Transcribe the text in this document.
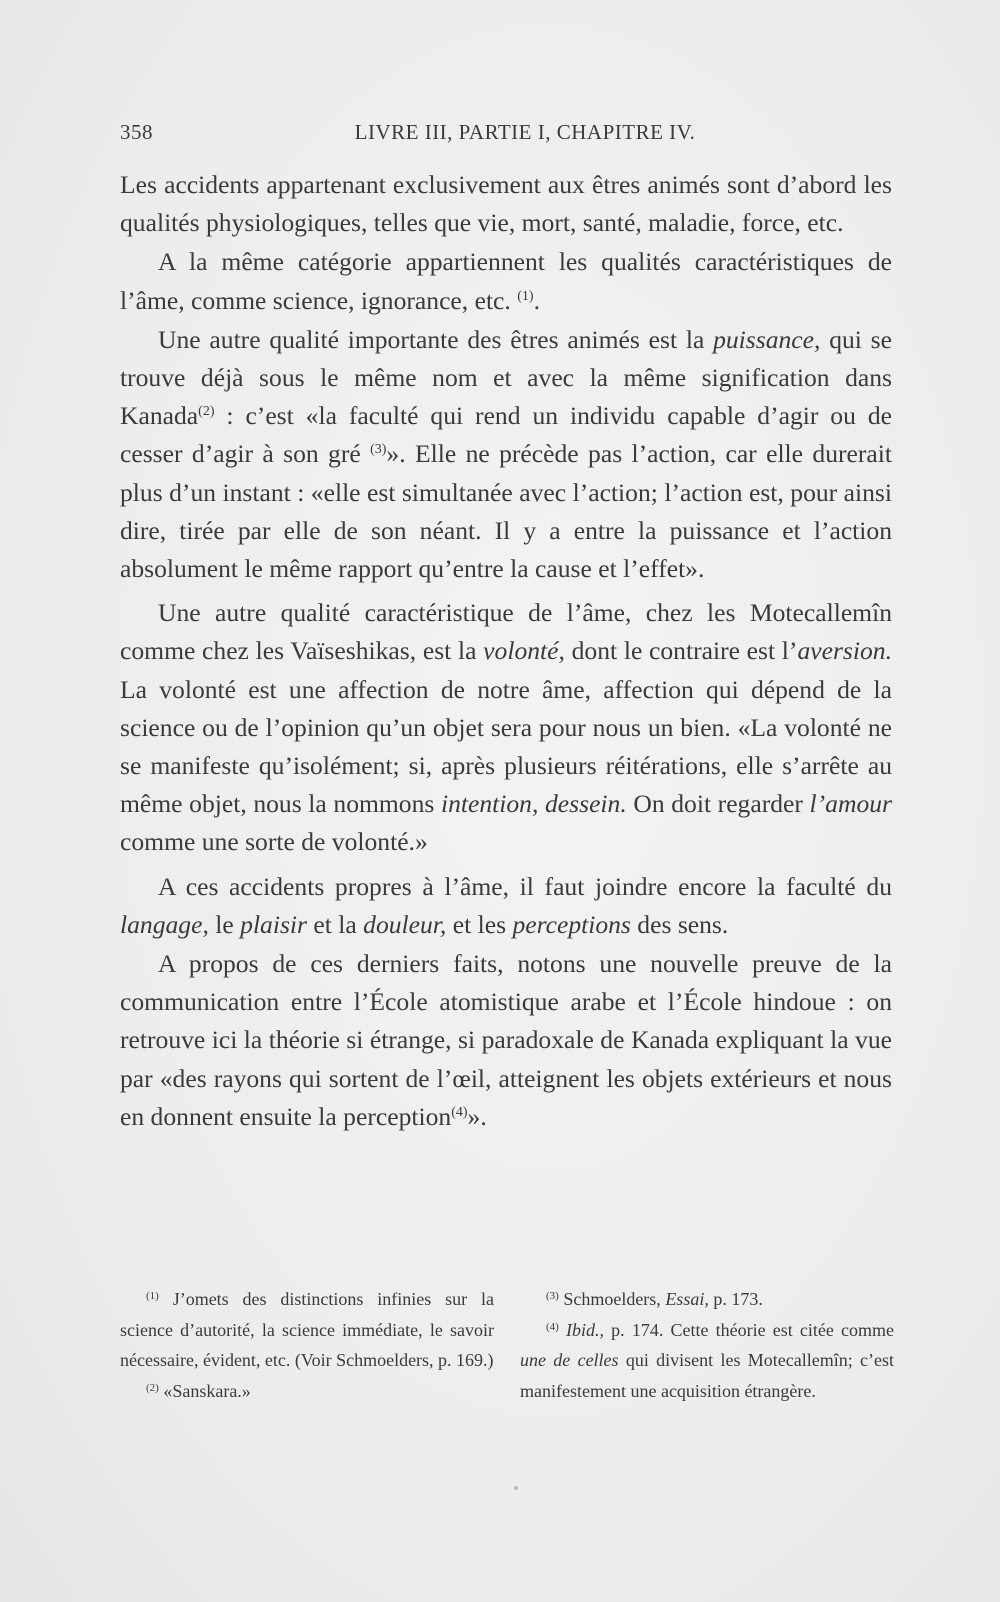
358	LIVRE III, PARTIE I, CHAPITRE IV.

Les accidents appartenant exclusivement aux êtres animés sont d’abord les qualités physiologiques, telles que vie, mort, santé, maladie, force, etc.

A la même catégorie appartiennent les qualités caractéristiques de l’âme, comme science, ignorance, etc. $^{(1)}$.

Une autre qualité importante des êtres animés est la puissance, qui se trouve déjà sous le même nom et avec la même signification dans Kanada$^{(2)}$ : c’est «la faculté qui rend un individu capable d’agir ou de cesser d’agir à son gré $^{(3)}$». Elle ne précède pas l’action, car elle durerait plus d’un instant : «elle est simultanée avec l’action; l’action est, pour ainsi dire, tirée par elle de son néant. Il y a entre la puissance et l’action absolument le même rapport qu’entre la cause et l’effet».

Une autre qualité caractéristique de l’âme, chez les Motecallemîn comme chez les Vaïseshikas, est la volonté, dont le contraire est l’aversion. La volonté est une affection de notre âme, affection qui dépend de la science ou de l’opinion qu’un objet sera pour nous un bien. «La volonté ne se manifeste qu’isolément; si, après plusieurs réitérations, elle s’arrête au même objet, nous la nommons intention, dessein. On doit regarder l’amour comme une sorte de volonté.»

A ces accidents propres à l’âme, il faut joindre encore la faculté du langage, le plaisir et la douleur, et les perceptions des sens.

A propos de ces derniers faits, notons une nouvelle preuve de la communication entre l’École atomistique arabe et l’École hindoue : on retrouve ici la théorie si étrange, si paradoxale de Kanada expliquant la vue par «des rayons qui sortent de l’œil, atteignent les objets extérieurs et nous en donnent ensuite la perception$^{(4)}$».

$^{(1)}$ J’omets des distinctions infinies sur la science d’autorité, la science immédiate, le savoir nécessaire, évident, etc. (Voir Schmoelders, p. 169.)

$^{(2)}$ «Sanskara.»

$^{(3)}$ Schmoelders, Essai, p. 173.

$^{(4)}$ Ibid., p. 174. Cette théorie est citée comme une de celles qui divisent les Motecallemîn; c’est manifestement une acquisition étrangère.
